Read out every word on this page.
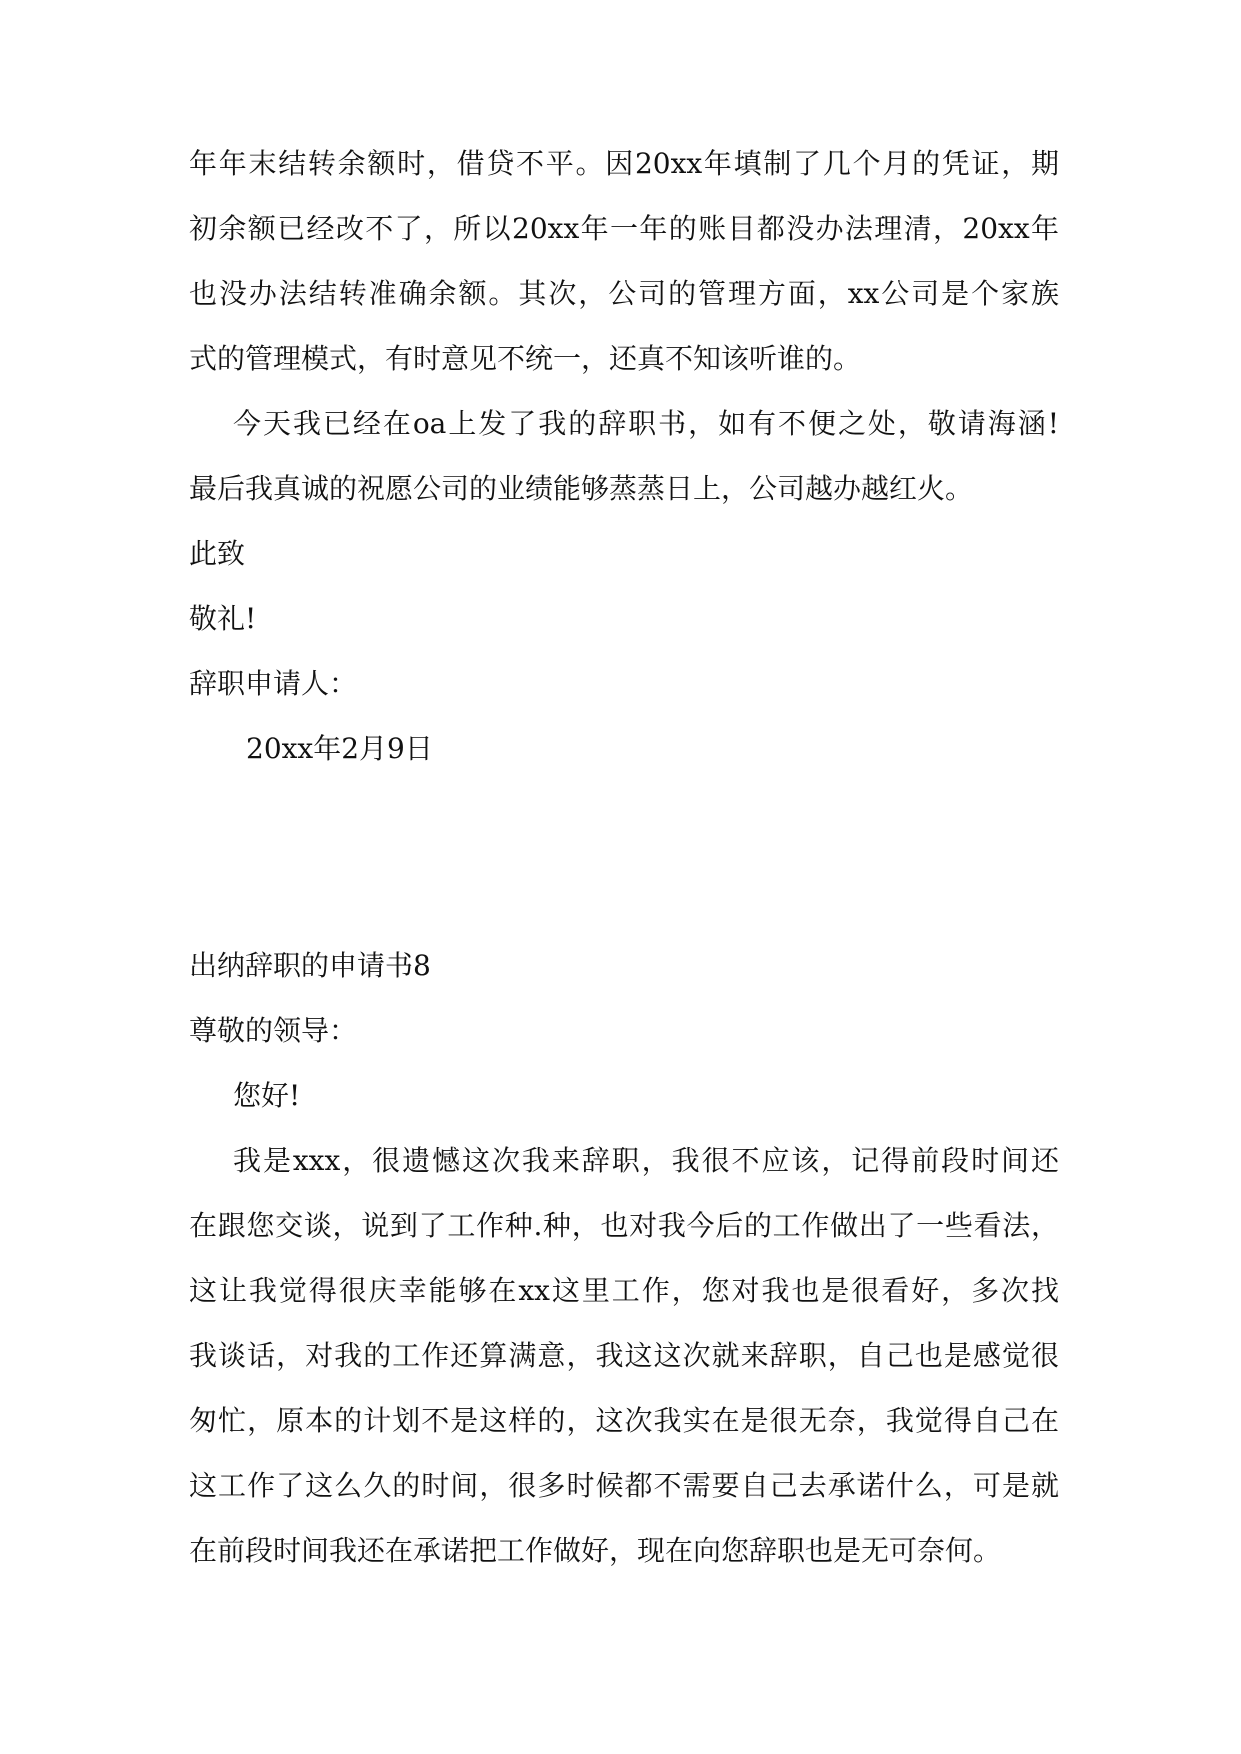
年年末结转余额时，借贷不平。因20xx年填制了几个月的凭证，期
初余额已经改不了，所以20xx年一年的账目都没办法理清，20xx年
也没办法结转准确余额。其次，公司的管理方面，xx公司是个家族
式的管理模式，有时意见不统一，还真不知该听谁的。
今天我已经在oa上发了我的辞职书，如有不便之处，敬请海涵!
最后我真诚的祝愿公司的业绩能够蒸蒸日上，公司越办越红火。
此致
敬礼!
辞职申请人：
20xx年2月9日
出纳辞职的申请书8
尊敬的领导：
您好!
我是xxx，很遗憾这次我来辞职，我很不应该，记得前段时间还
在跟您交谈，说到了工作种.种，也对我今后的工作做出了一些看法，
这让我觉得很庆幸能够在xx这里工作，您对我也是很看好，多次找
我谈话，对我的工作还算满意，我这这次就来辞职，自己也是感觉很
匆忙，原本的计划不是这样的，这次我实在是很无奈，我觉得自己在
这工作了这么久的时间，很多时候都不需要自己去承诺什么，可是就
在前段时间我还在承诺把工作做好，现在向您辞职也是无可奈何。
